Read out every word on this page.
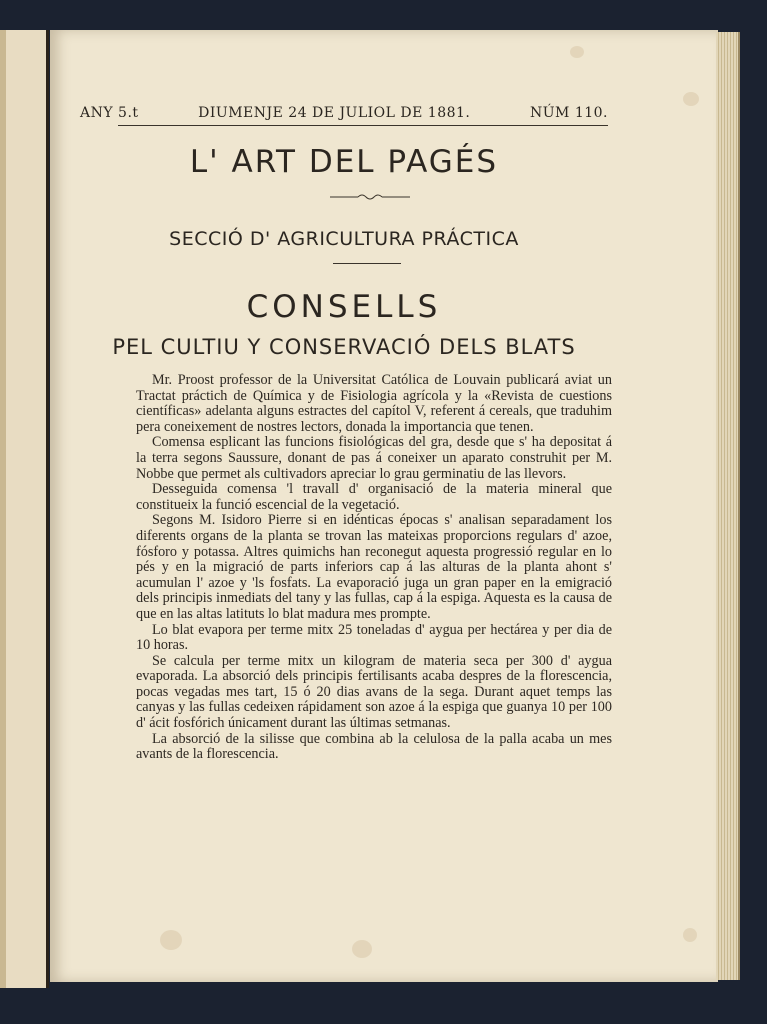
ANY 5.t	DIUMENJE 24 DE JULIOL DE 1881.	NÚM 110.
L' ART DEL PAGÉS
SECCIÓ D' AGRICULTURA PRÁCTICA
CONSELLS
PEL CULTIU Y CONSERVACIÓ DELS BLATS

Mr. Proost professor de la Universitat Católica de Louvain publicará aviat un Tractat práctich de Química y de Fisiologia agrícola y la «Revista de cuestions científicas» adelanta alguns estractes del capítol V, referent á cereals, que traduhim pera coneixement de nostres lectors, donada la importancia que tenen.

Comensa esplicant las funcions fisiológicas del gra, desde que s' ha depositat á la terra segons Saussure, donant de pas á coneixer un aparato construhit per M. Nobbe que permet als cultivadors apreciar lo grau germinatiu de las llevors.

Desseguida comensa 'l travall d' organisació de la materia mineral que constitueix la funció escencial de la vegetació.

Segons M. Isidoro Pierre si en idénticas épocas s' analisan separadament los diferents organs de la planta se trovan las mateixas proporcions regulars d' azoe, fósforo y potassa. Altres quimichs han reconegut aquesta progressió regular en lo pés y en la migració de parts inferiors cap á las alturas de la planta ahont s' acumulan l' azoe y 'ls fosfats. La evaporació juga un gran paper en la emigració dels principis inmediats del tany y las fullas, cap á la espiga. Aquesta es la causa de que en las altas latituts lo blat madura mes prompte.

Lo blat evapora per terme mitx 25 toneladas d' aygua per hectárea y per dia de 10 horas.

Se calcula per terme mitx un kilogram de materia seca per 300 d' aygua evaporada. La absorció dels principis fertilisants acaba despres de la florescencia, pocas vegadas mes tart, 15 ó 20 dias avans de la sega. Durant aquet temps las canyas y las fullas cedeixen rápidament son azoe á la espiga que guanya 10 per 100 d' ácit fosfórich únicament durant las últimas setmanas.

La absorció de la silisse que combina ab la celulosa de la palla acaba un mes avants de la florescencia.
